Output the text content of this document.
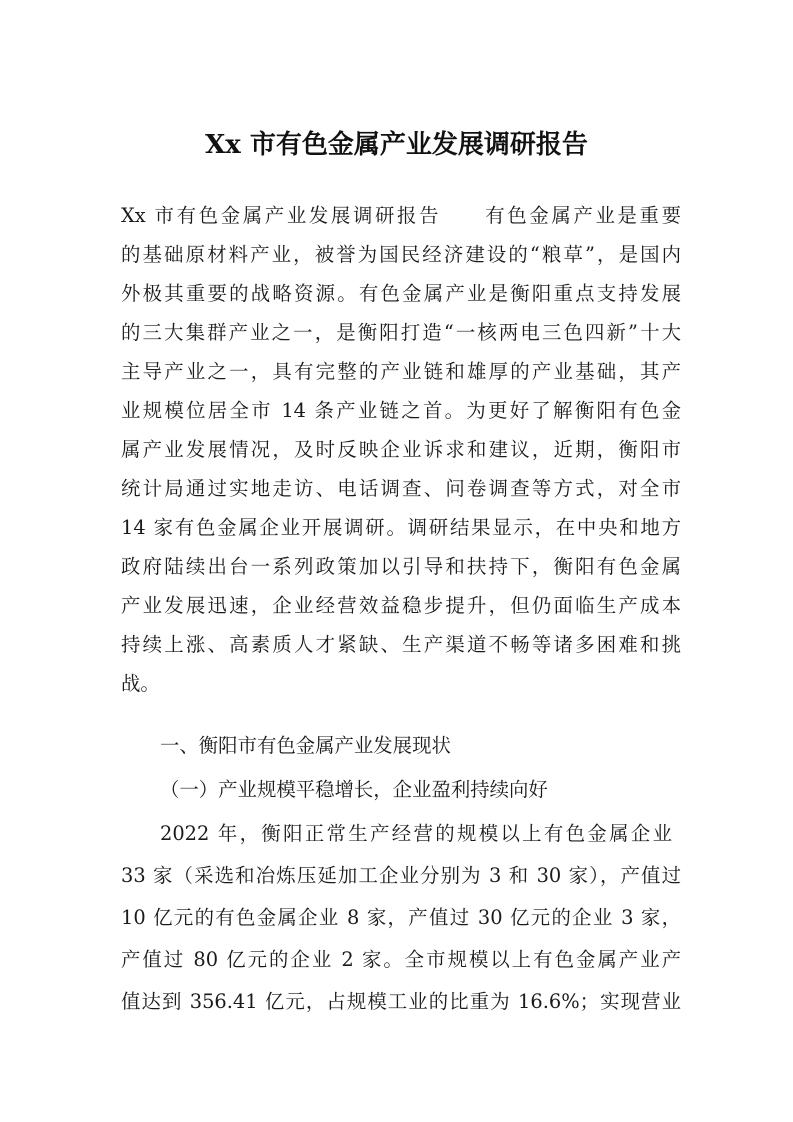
Xx 市有色金属产业发展调研报告

Xx 市有色金属产业发展调研报告　　有色金属产业是重要

的基础原材料产业，被誉为国民经济建设的“粮草”，是国内

外极其重要的战略资源。有色金属产业是衡阳重点支持发展

的三大集群产业之一，是衡阳打造“一核两电三色四新”十大

主导产业之一，具有完整的产业链和雄厚的产业基础，其产

业规模位居全市 14 条产业链之首。为更好了解衡阳有色金

属产业发展情况，及时反映企业诉求和建议，近期，衡阳市

统计局通过实地走访、电话调查、问卷调查等方式，对全市

14 家有色金属企业开展调研。调研结果显示，在中央和地方

政府陆续出台一系列政策加以引导和扶持下，衡阳有色金属

产业发展迅速，企业经营效益稳步提升，但仍面临生产成本

持续上涨、高素质人才紧缺、生产渠道不畅等诸多困难和挑

战。

一、衡阳市有色金属产业发展现状

（一）产业规模平稳增长，企业盈利持续向好

2022 年，衡阳正常生产经营的规模以上有色金属企业

33 家（采选和冶炼压延加工企业分别为 3 和 30 家），产值过

10 亿元的有色金属企业 8 家，产值过 30 亿元的企业 3 家，

产值过 80 亿元的企业 2 家。全市规模以上有色金属产业产

值达到 356.41 亿元，占规模工业的比重为 16.6%；实现营业
